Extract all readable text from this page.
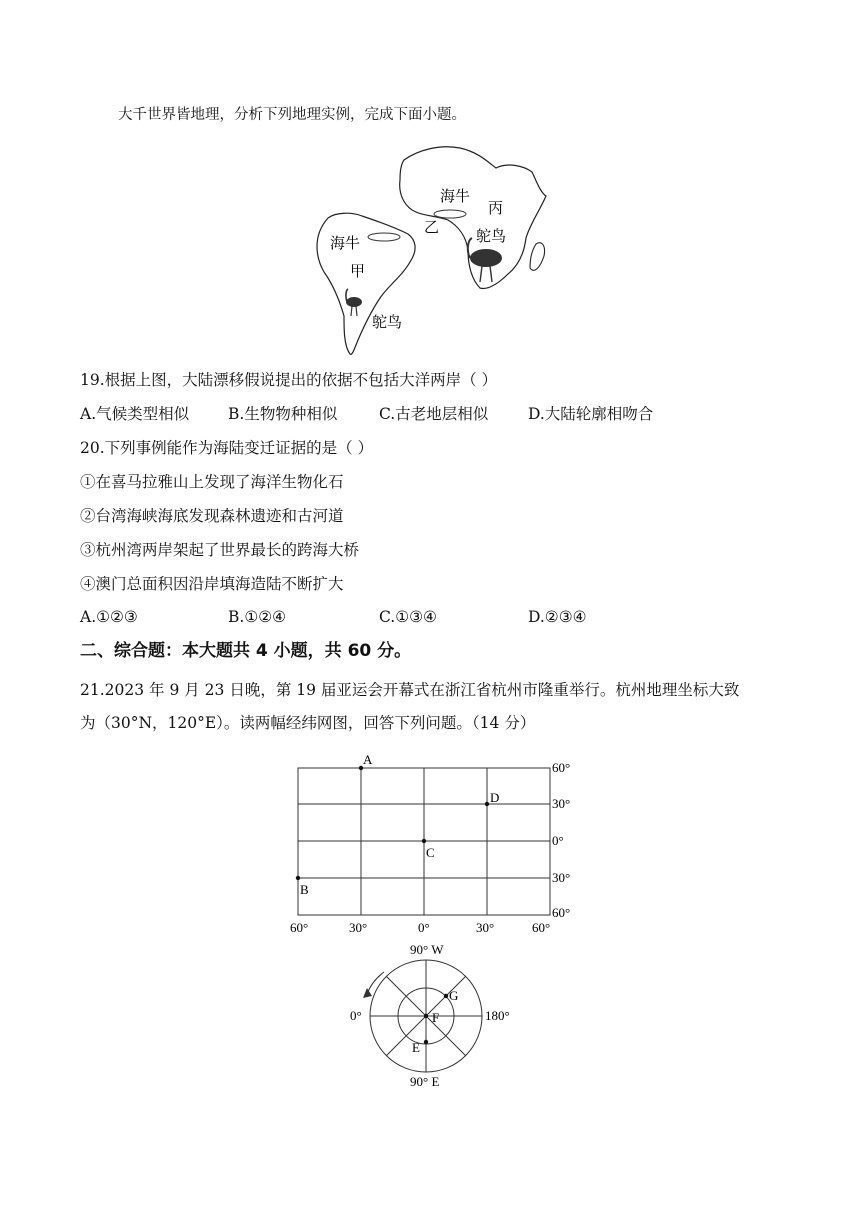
大千世界皆地理，分析下列地理实例，完成下面小题。
海牛
甲
鸵鸟
海牛
丙
鸵鸟
乙
19.根据上图，大陆漂移假说提出的依据不包括大洋两岸（ ）
A.气候类型相似	B.生物物种相似	C.古老地层相似	D.大陆轮廓相吻合
20.下列事例能作为海陆变迁证据的是（ ）
①在喜马拉雅山上发现了海洋生物化石
②台湾海峡海底发现森林遗迹和古河道
③杭州湾两岸架起了世界最长的跨海大桥
④澳门总面积因沿岸填海造陆不断扩大
A.①②③	B.①②④	C.①③④	D.②③④
二、综合题：本大题共 4 小题，共 60 分。
21.2023 年 9 月 23 日晚，第 19 届亚运会开幕式在浙江省杭州市隆重举行。杭州地理坐标大致
为（30°N，120°E）。读两幅经纬网图，回答下列问题。（14 分）
A
B
C
D
60°
30°
0°
30°
60°
60°	30°	0°	30°	60°
90° W
90° E
0°	180°
E
F
G
